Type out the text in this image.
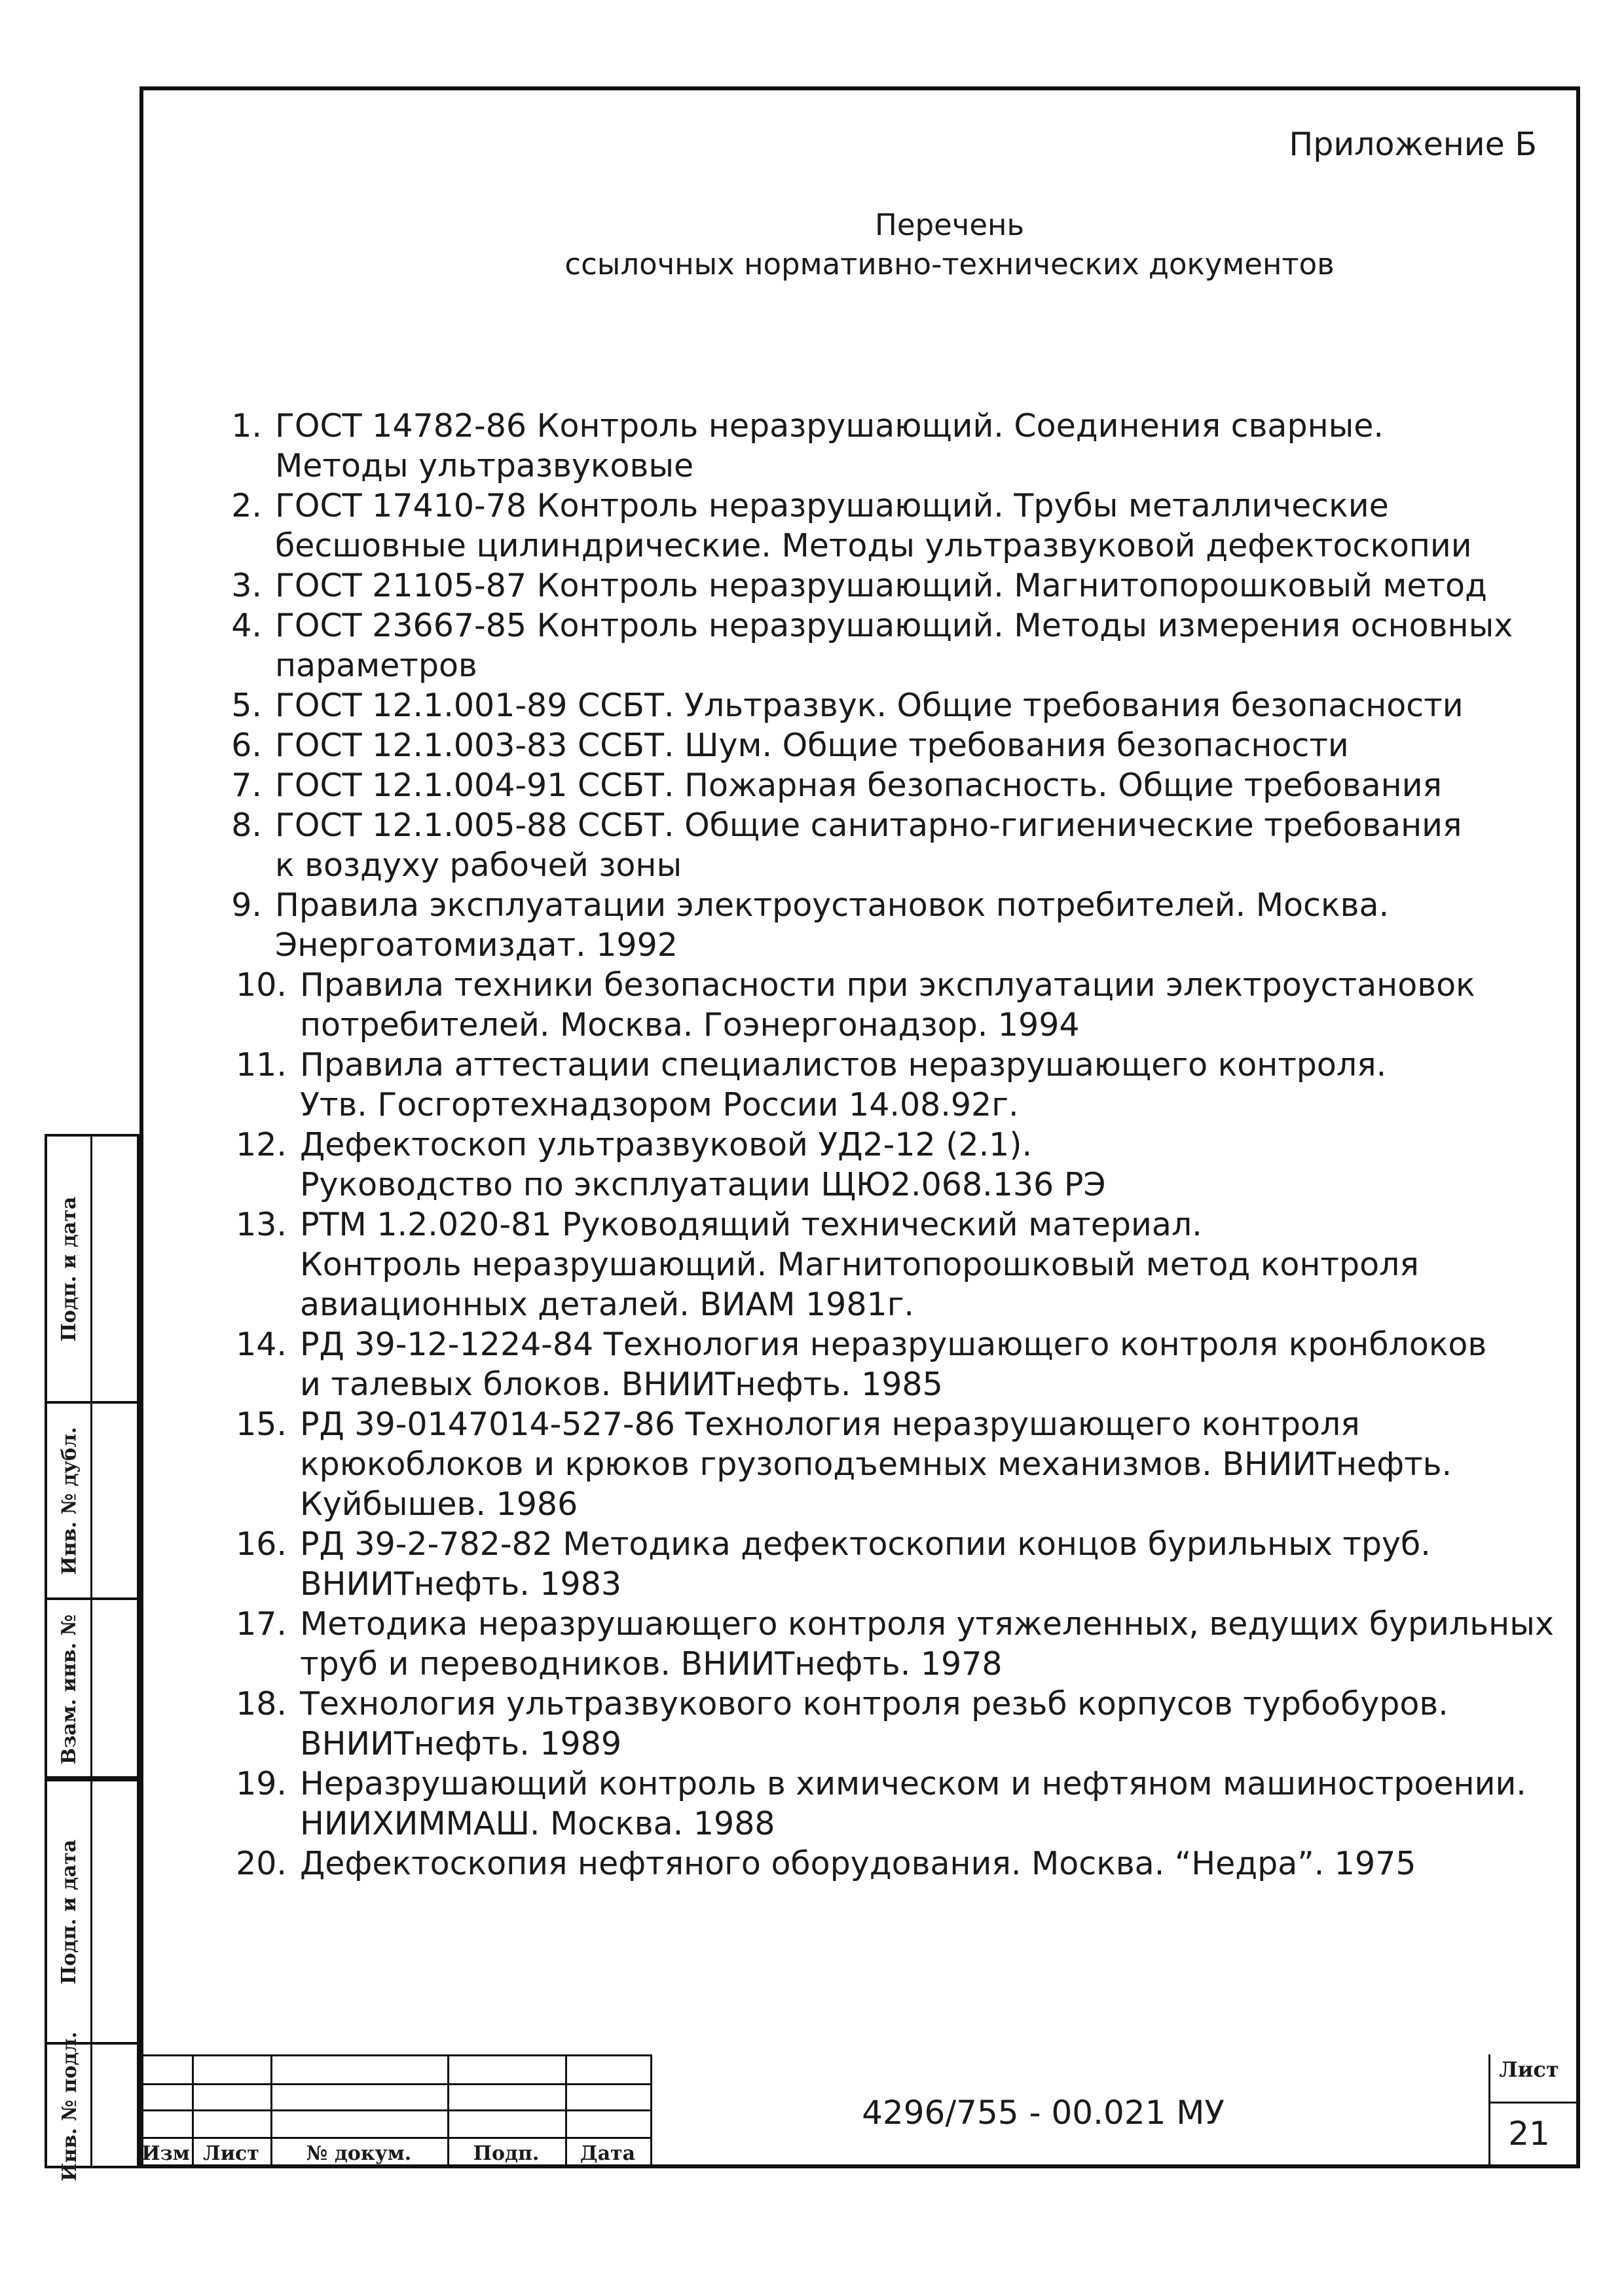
Приложение Б
Перечень
ссылочных нормативно-технических документов
1. ГОСТ 14782-86 Контроль неразрушающий. Соединения сварные.
Методы ультразвуковые
2. ГОСТ 17410-78 Контроль неразрушающий. Трубы металлические
бесшовные цилиндрические. Методы ультразвуковой дефектоскопии
3. ГОСТ 21105-87 Контроль неразрушающий. Магнитопорошковый метод
4. ГОСТ 23667-85 Контроль неразрушающий. Методы измерения основных
параметров
5. ГОСТ 12.1.001-89 ССБТ. Ультразвук. Общие требования безопасности
6. ГОСТ 12.1.003-83 ССБТ. Шум. Общие требования безопасности
7. ГОСТ 12.1.004-91 ССБТ. Пожарная безопасность. Общие требования
8. ГОСТ 12.1.005-88 ССБТ. Общие санитарно-гигиенические требования
к воздуху рабочей зоны
9. Правила эксплуатации электроустановок потребителей. Москва.
Энергоатомиздат. 1992
10. Правила техники безопасности при эксплуатации электроустановок
потребителей. Москва. Гоэнергонадзор. 1994
11. Правила аттестации специалистов неразрушающего контроля.
Утв. Госгортехнадзором России 14.08.92г.
12. Дефектоскоп ультразвуковой УД2-12 (2.1).
Руководство по эксплуатации ЩЮ2.068.136 РЭ
13. РТМ 1.2.020-81 Руководящий технический материал.
Контроль неразрушающий. Магнитопорошковый метод контроля
авиационных деталей. ВИАМ 1981г.
14. РД 39-12-1224-84 Технология неразрушающего контроля кронблоков
и талевых блоков. ВНИИТнефть. 1985
15. РД 39-0147014-527-86 Технология неразрушающего контроля
крюкоблоков и крюков грузоподъемных механизмов. ВНИИТнефть.
Куйбышев. 1986
16. РД 39-2-782-82 Методика дефектоскопии концов бурильных труб.
ВНИИТнефть. 1983
17. Методика неразрушающего контроля утяжеленных, ведущих бурильных
труб и переводников. ВНИИТнефть. 1978
18. Технология ультразвукового контроля резьб корпусов турбобуров.
ВНИИТнефть. 1989
19. Неразрушающий контроль в химическом и нефтяном машиностроении.
НИИХИММАШ. Москва. 1988
20. Дефектоскопия нефтяного оборудования. Москва. “Недра”. 1975
Подп. и дата
Инв. № дубл.
Взам. инв. №
Подп. и дата
Инв. № подл.	Изм Лист	№ докум.	Подп.	Дата
4296/755 - 00.021 МУ
Лист
21
